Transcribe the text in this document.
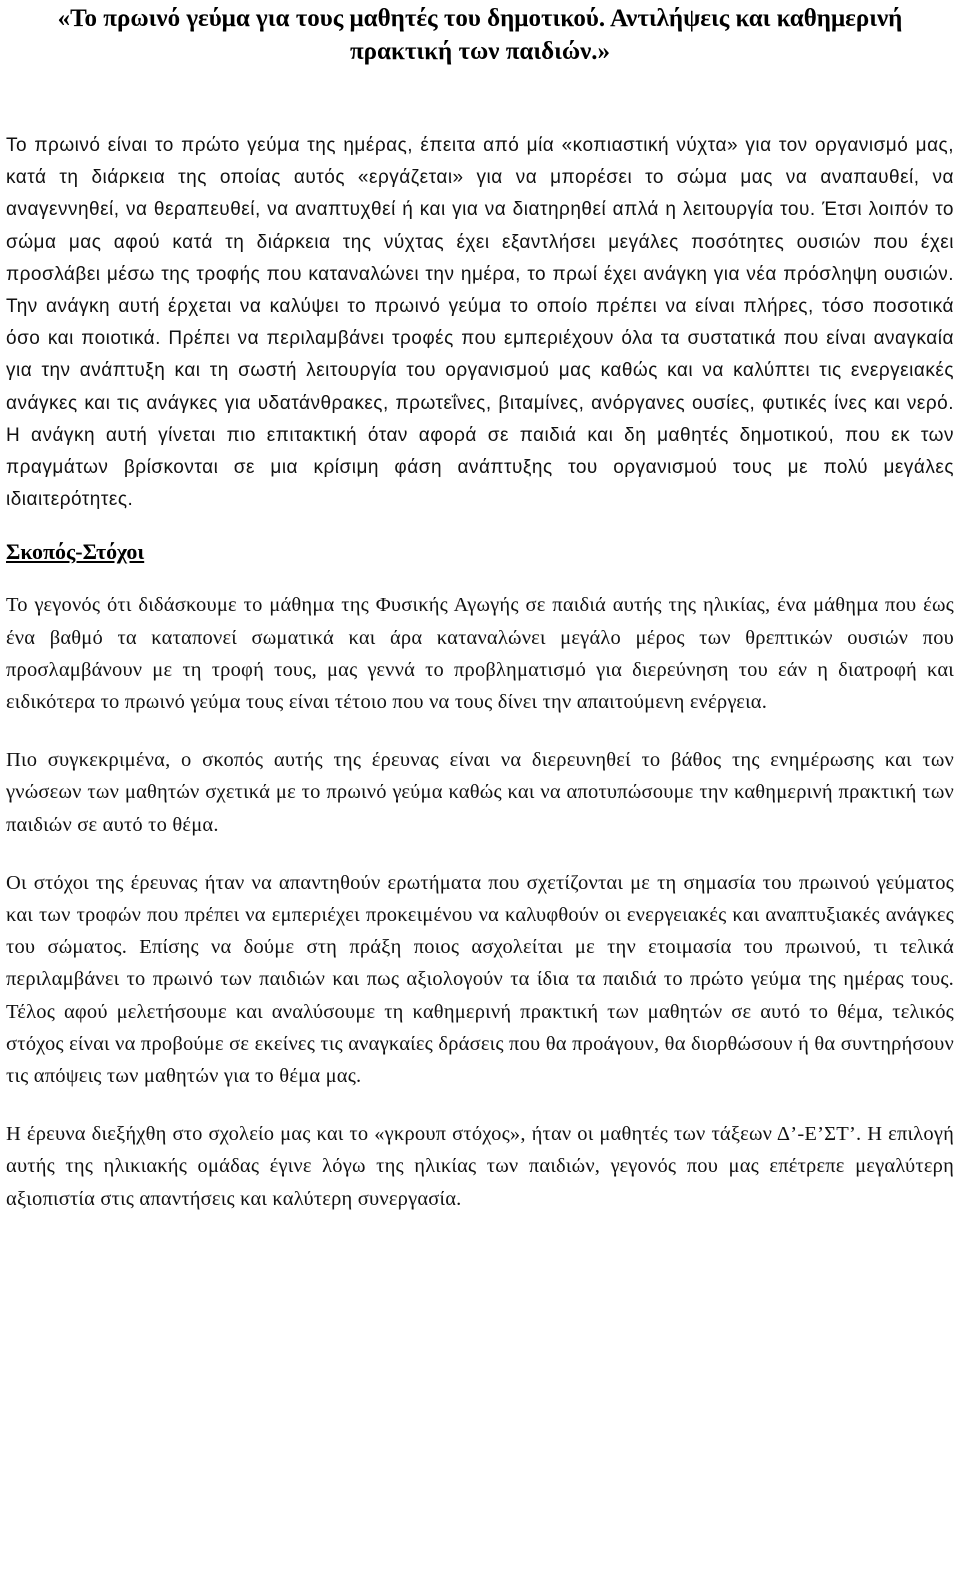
«Το πρωινό γεύμα για τους μαθητές του δημοτικού. Αντιλήψεις και καθημερινή πρακτική των παιδιών.»

Το πρωινό είναι το πρώτο γεύμα της ημέρας, έπειτα από μία «κοπιαστική νύχτα» για τον οργανισμό μας, κατά τη διάρκεια της οποίας αυτός «εργάζεται» για να μπορέσει το σώμα μας να αναπαυθεί, να αναγεννηθεί, να θεραπευθεί, να αναπτυχθεί ή και για να διατηρηθεί απλά η λειτουργία του. Έτσι λοιπόν το σώμα μας αφού κατά τη διάρκεια της νύχτας έχει εξαντλήσει μεγάλες ποσότητες ουσιών που έχει προσλάβει μέσω της τροφής που καταναλώνει την ημέρα, το πρωί έχει ανάγκη για νέα πρόσληψη ουσιών. Την ανάγκη αυτή έρχεται να καλύψει το πρωινό γεύμα το οποίο πρέπει να είναι πλήρες, τόσο ποσοτικά όσο και ποιοτικά. Πρέπει να περιλαμβάνει τροφές που εμπεριέχουν όλα τα συστατικά που είναι αναγκαία για την ανάπτυξη και τη σωστή λειτουργία του οργανισμού μας καθώς και να καλύπτει τις ενεργειακές ανάγκες και τις ανάγκες για υδατάνθρακες, πρωτεΐνες, βιταμίνες, ανόργανες ουσίες, φυτικές ίνες και νερό. Η ανάγκη αυτή γίνεται πιο επιτακτική όταν αφορά σε παιδιά και δη μαθητές δημοτικού, που εκ των πραγμάτων βρίσκονται σε μια κρίσιμη φάση ανάπτυξης του οργανισμού τους με πολύ μεγάλες ιδιαιτερότητες.

Σκοπός-Στόχοι

Το γεγονός ότι διδάσκουμε το μάθημα της Φυσικής Αγωγής σε παιδιά αυτής της ηλικίας, ένα μάθημα που έως ένα βαθμό τα καταπονεί σωματικά και άρα καταναλώνει μεγάλο μέρος των θρεπτικών ουσιών που προσλαμβάνουν με τη τροφή τους, μας γεννά το προβληματισμό για διερεύνηση του εάν η διατροφή και ειδικότερα το πρωινό γεύμα τους είναι τέτοιο που να τους δίνει την απαιτούμενη ενέργεια.

Πιο συγκεκριμένα, ο σκοπός αυτής της έρευνας είναι να διερευνηθεί το βάθος της ενημέρωσης και των γνώσεων των μαθητών σχετικά με το πρωινό γεύμα καθώς και να αποτυπώσουμε την καθημερινή πρακτική των παιδιών σε αυτό το θέμα.

Οι στόχοι της έρευνας ήταν να απαντηθούν ερωτήματα που σχετίζονται με τη σημασία του πρωινού γεύματος και των τροφών που πρέπει να εμπεριέχει προκειμένου να καλυφθούν οι ενεργειακές και αναπτυξιακές ανάγκες του σώματος. Επίσης να δούμε στη πράξη ποιος ασχολείται με την ετοιμασία του πρωινού, τι τελικά περιλαμβάνει το πρωινό των παιδιών και πως αξιολογούν τα ίδια τα παιδιά το πρώτο γεύμα της ημέρας τους. Τέλος αφού μελετήσουμε και αναλύσουμε τη καθημερινή πρακτική των μαθητών σε αυτό το θέμα, τελικός στόχος είναι να προβούμε σε εκείνες τις αναγκαίες δράσεις που θα προάγουν, θα διορθώσουν ή θα συντηρήσουν τις απόψεις των μαθητών για το θέμα μας.

Η έρευνα διεξήχθη στο σχολείο μας και το «γκρουπ στόχος», ήταν οι μαθητές των τάξεων Δ’-Ε’ΣΤ’. Η επιλογή αυτής της ηλικιακής ομάδας έγινε λόγω της ηλικίας των παιδιών, γεγονός που μας επέτρεπε μεγαλύτερη αξιοπιστία στις απαντήσεις και καλύτερη συνεργασία.
